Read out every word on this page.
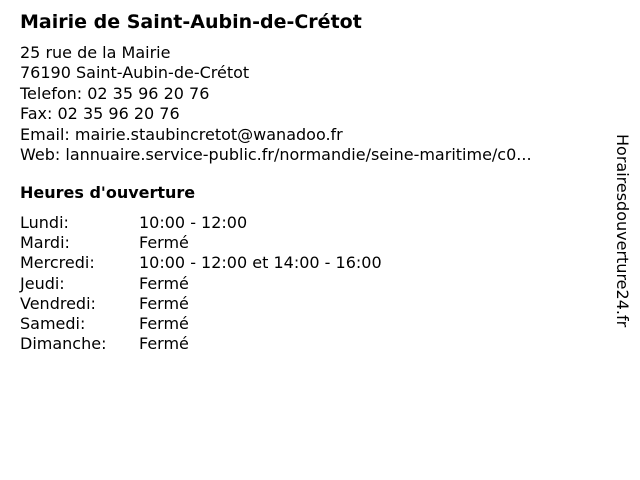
Mairie de Saint-Aubin-de-Crétot
25 rue de la Mairie
76190 Saint-Aubin-de-Crétot
Telefon: 02 35 96 20 76
Fax: 02 35 96 20 76
Email: mairie.staubincretot@wanadoo.fr
Web: lannuaire.service-public.fr/normandie/seine-maritime/c0...
Heures d'ouverture
Lundi:	10:00 - 12:00
Mardi:	Fermé
Mercredi:	10:00 - 12:00 et 14:00 - 16:00
Jeudi:	Fermé
Vendredi:	Fermé
Samedi:	Fermé
Dimanche: Fermé
Horairesdouverture24.fr
